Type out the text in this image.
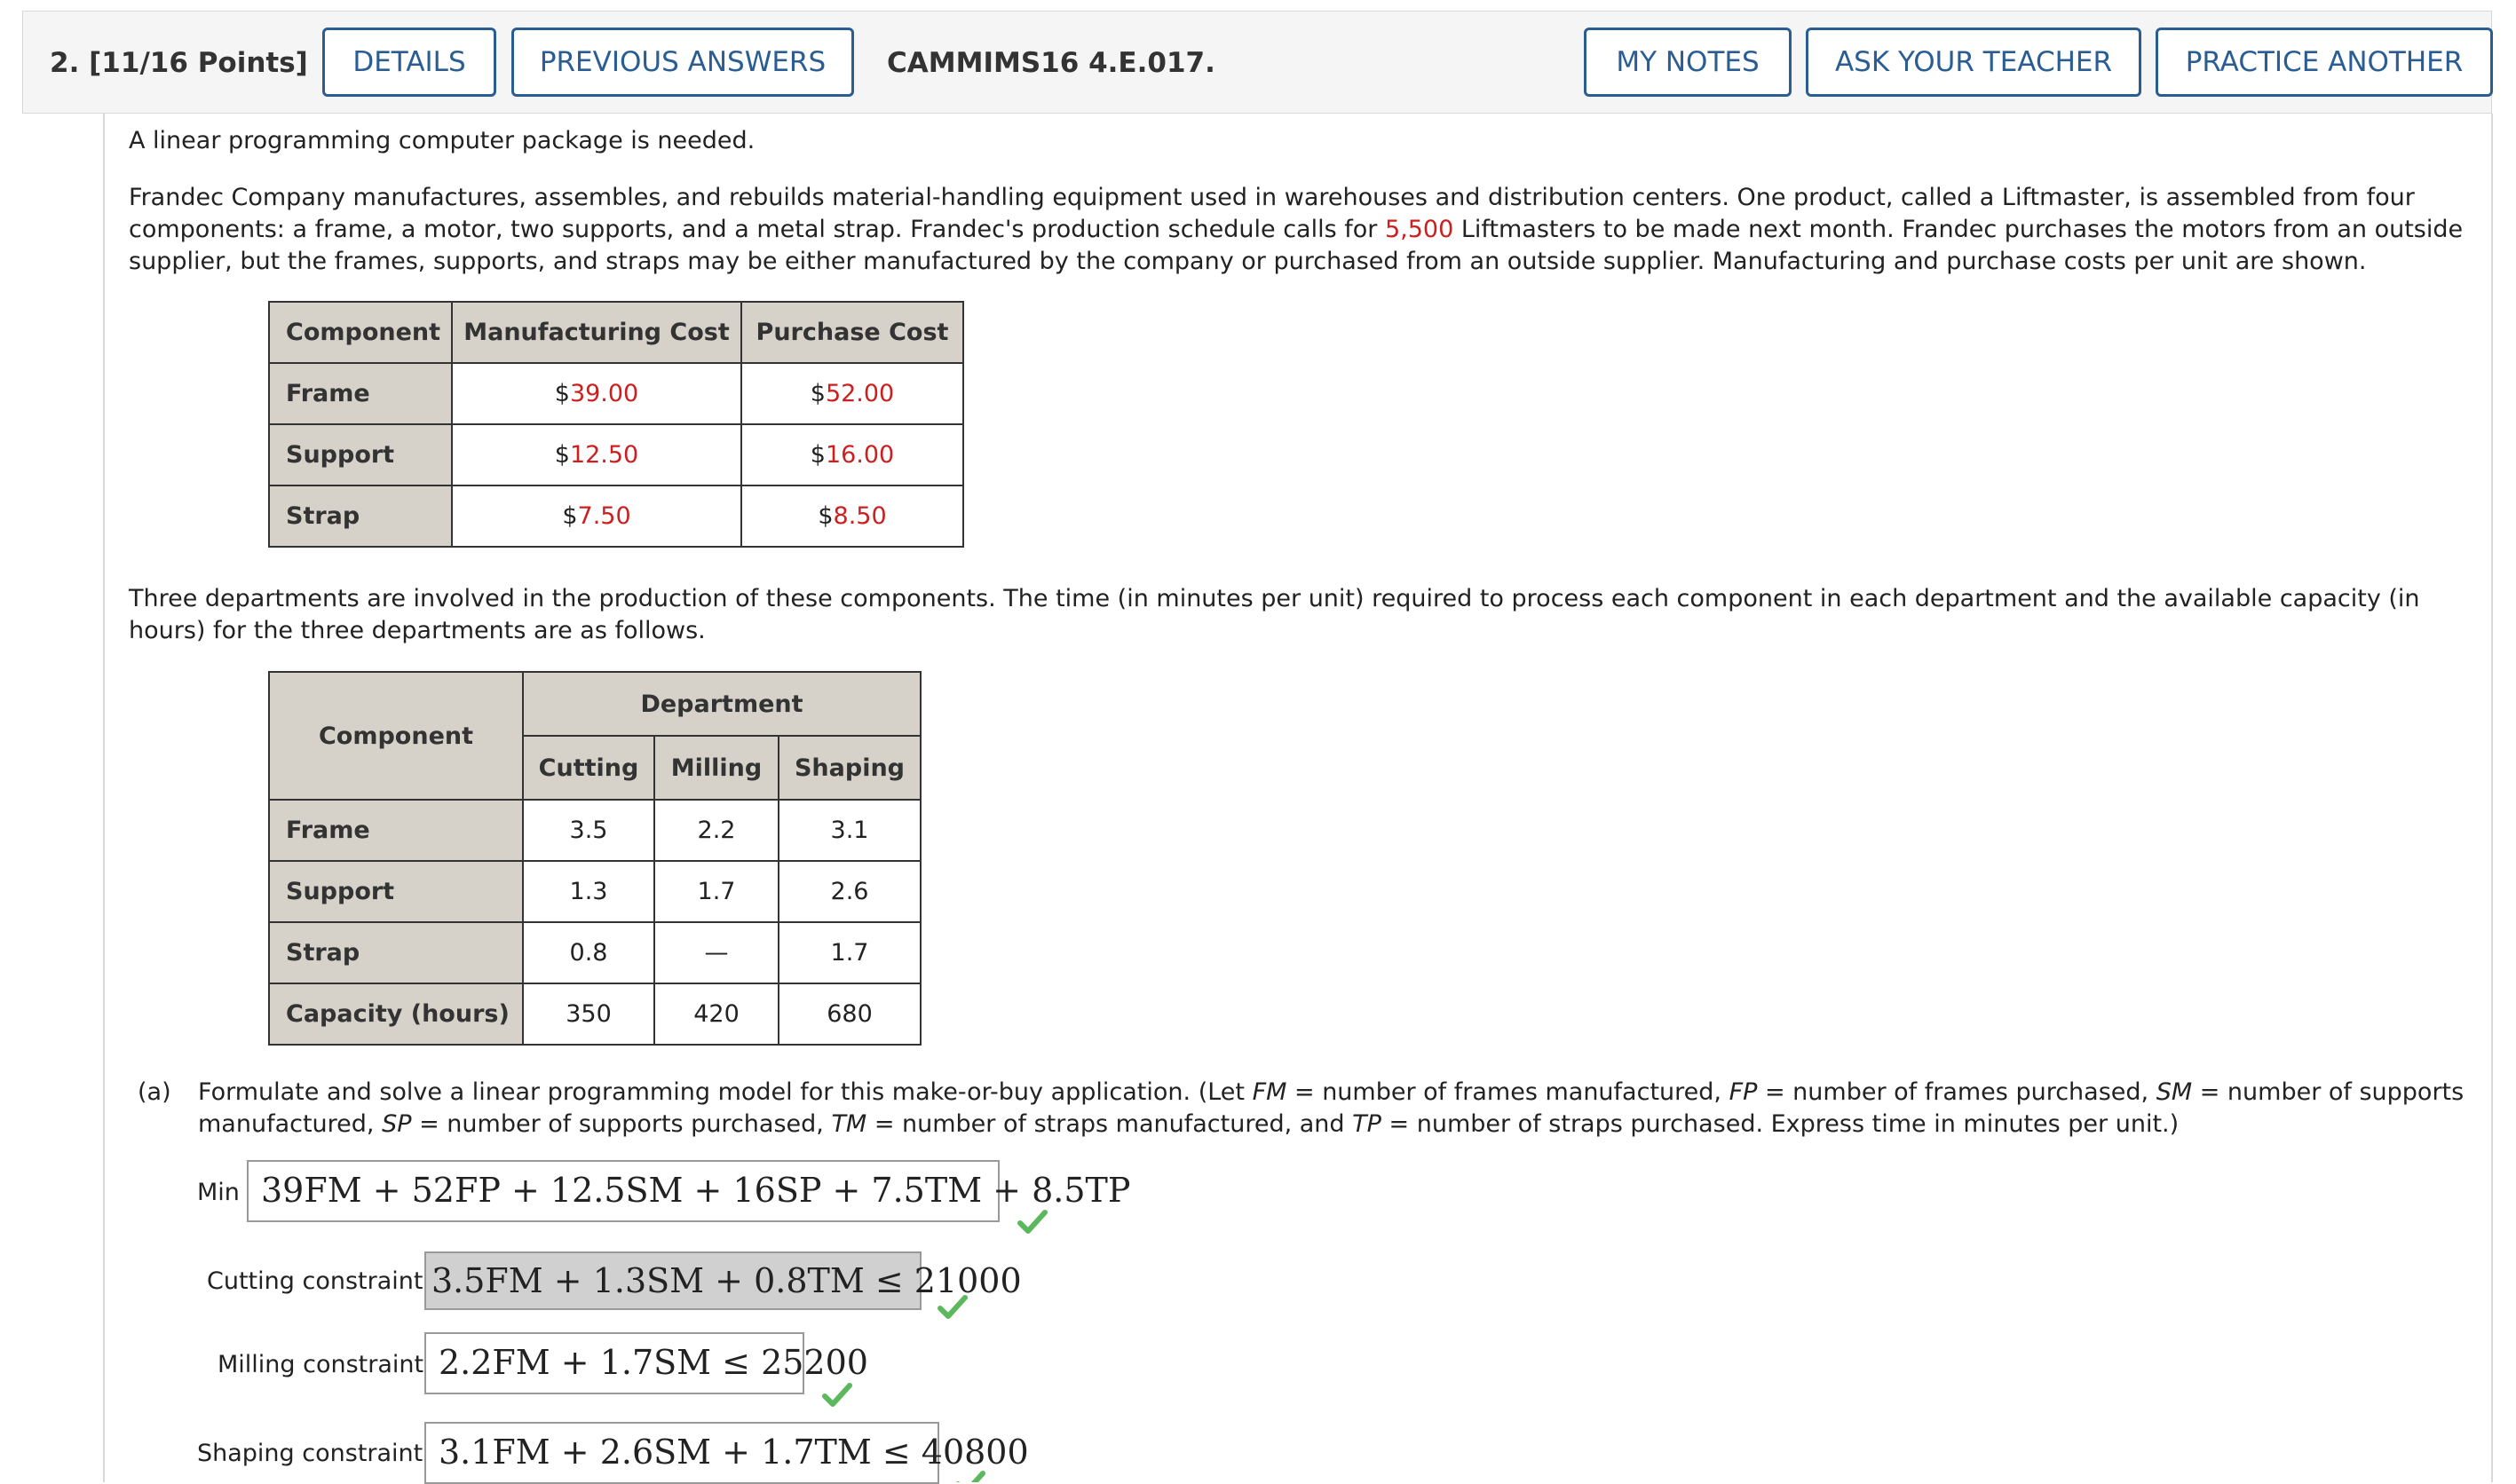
2. [11/16 Points]	DETAILS	PREVIOUS ANSWERS	CAMMIMS16 4.E.017.	MY NOTES	ASK YOUR TEACHER	PRACTICE ANOTHER
A linear programming computer package is needed.
Frandec Company manufactures, assembles, and rebuilds material-handling equipment used in warehouses and distribution centers. One product, called a Liftmaster, is assembled from four components: a frame, a motor, two supports, and a metal strap. Frandec's production schedule calls for 5,500 Liftmasters to be made next month. Frandec purchases the motors from an outside supplier, but the frames, supports, and straps may be either manufactured by the company or purchased from an outside supplier. Manufacturing and purchase costs per unit are shown.
Component	Manufacturing Cost	Purchase Cost
Frame	$39.00	$52.00
Support	$12.50	$16.00
Strap	$7.50	$8.50
Three departments are involved in the production of these components. The time (in minutes per unit) required to process each component in each department and the available capacity (in hours) for the three departments are as follows.
Component	Department		
	Cutting	Milling	Shaping
Frame	3.5	2.2	3.1
Support	1.3	1.7	2.6
Strap	0.8	—	1.7
Capacity (hours)	350	420	680
(a) Formulate and solve a linear programming model for this make-or-buy application. (Let FM = number of frames manufactured, FP = number of frames purchased, SM = number of supports manufactured, SP = number of supports purchased, TM = number of straps manufactured, and TP = number of straps purchased. Express time in minutes per unit.)
Min 39FM + 52FP + 12.5SM + 16SP + 7.5TM + 8.5TP
Cutting constraint 3.5FM + 1.3SM + 0.8TM ≤ 21000
Milling constraint 2.2FM + 1.7SM ≤ 25200
Shaping constraint 3.1FM + 2.6SM + 1.7TM ≤ 40800
